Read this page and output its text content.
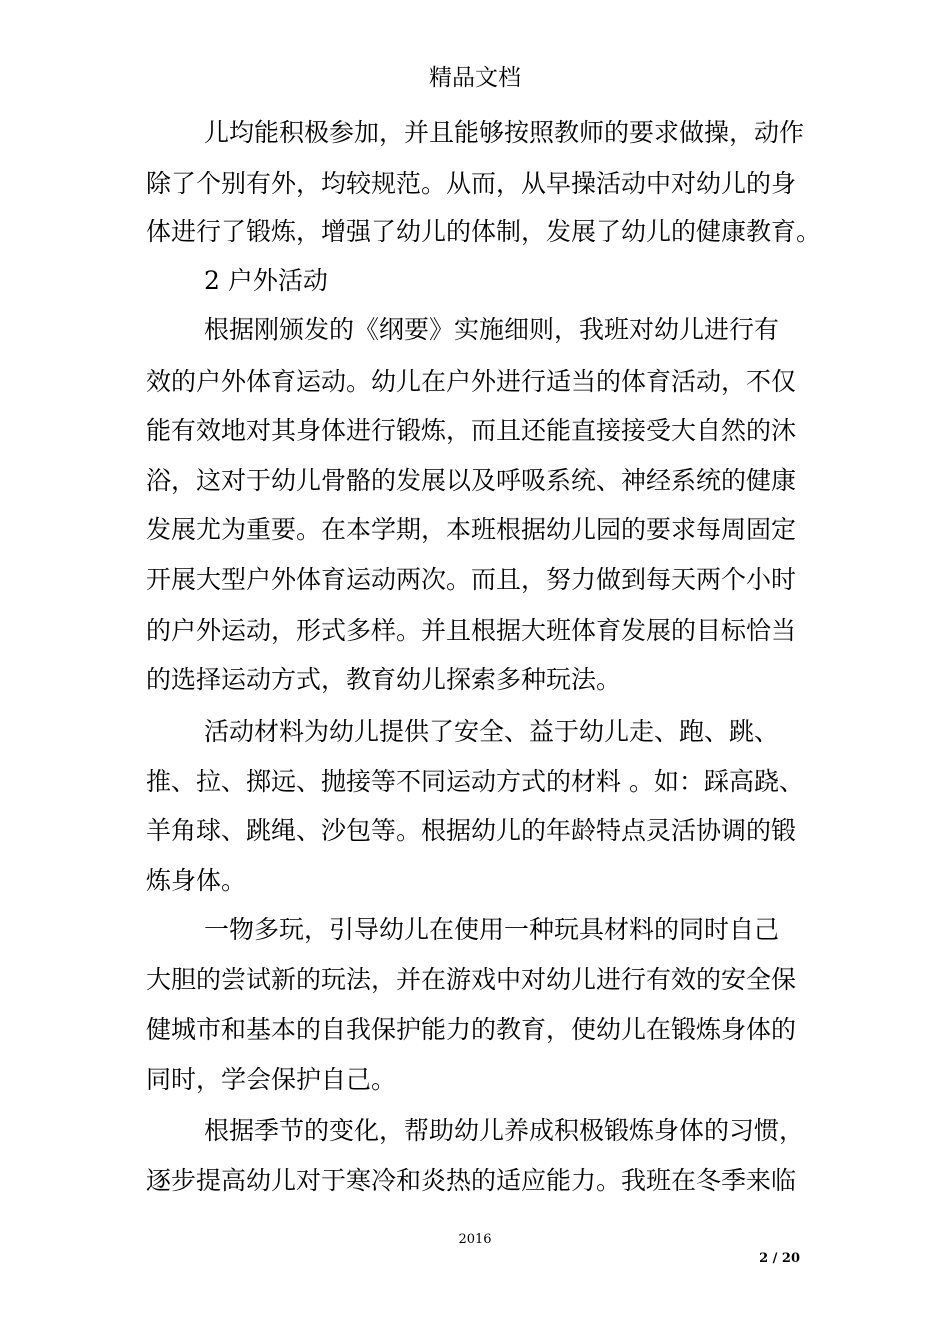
精品文档
儿均能积极参加，并且能够按照教师的要求做操，动作
除了个别有外，均较规范。从而，从早操活动中对幼儿的身
体进行了锻炼，增强了幼儿的体制，发展了幼儿的健康教育。
2 户外活动
根据刚颁发的《纲要》实施细则，我班对幼儿进行有
效的户外体育运动。幼儿在户外进行适当的体育活动，不仅
能有效地对其身体进行锻炼，而且还能直接接受大自然的沐
浴，这对于幼儿骨骼的发展以及呼吸系统、神经系统的健康
发展尤为重要。在本学期，本班根据幼儿园的要求每周固定
开展大型户外体育运动两次。而且，努力做到每天两个小时
的户外运动，形式多样。并且根据大班体育发展的目标恰当
的选择运动方式，教育幼儿探索多种玩法。
活动材料为幼儿提供了安全、益于幼儿走、跑、跳、
推、拉、掷远、抛接等不同运动方式的材料 。如：踩高跷、
羊角球、跳绳、沙包等。根据幼儿的年龄特点灵活协调的锻
炼身体。
一物多玩，引导幼儿在使用一种玩具材料的同时自己
大胆的尝试新的玩法，并在游戏中对幼儿进行有效的安全保
健城市和基本的自我保护能力的教育，使幼儿在锻炼身体的
同时，学会保护自己。
根据季节的变化，帮助幼儿养成积极锻炼身体的习惯，
逐步提高幼儿对于寒冷和炎热的适应能力。我班在冬季来临
2016
2 / 20
